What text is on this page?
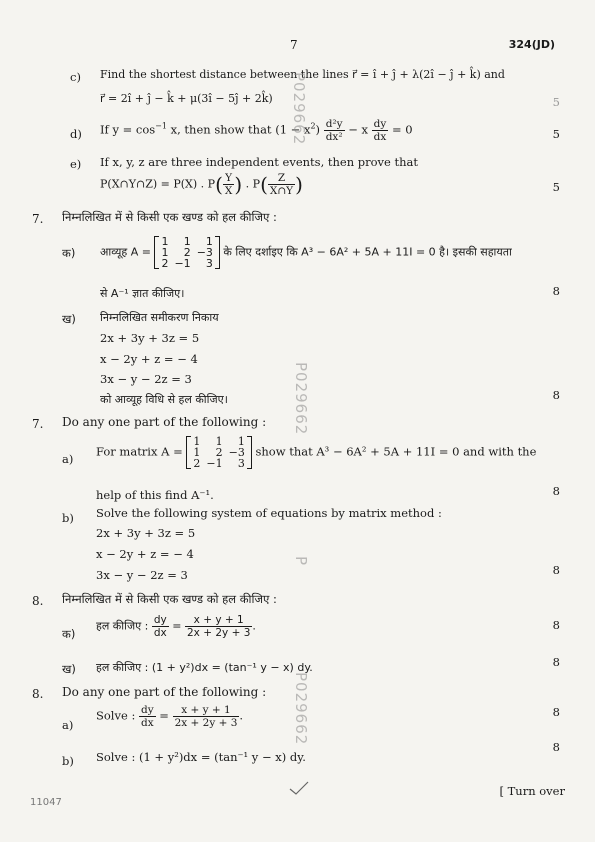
7	324(JD)
c) Find the shortest distance between the lines r⃗ = î + ĵ + λ(2î − ĵ + k̂) and
r⃗ = 2î + ĵ − k̂ + μ(3î − 5ĵ + 2k̂)	5
d) If $y = \cos^{-1} x$, then show that $(1 - x^2) \frac{\text{d²y}}{\text{dx²}} - x \frac{dy}{dx} = 0$	5
e) If x, y, z are three independent events, then prove that
P(X∩Y∩Z) = P(X) . $P( \frac{Y}{X}$ ) . $P( \frac{Z}{X\cap Y}$ )	5
7. निम्नलिखित में से किसी एक खण्ड को हल कीजिए :
क) आव्यूह A =
1	1	1
1	2	−3
2	−1	3
के लिए दर्शाइए कि A³ − 6A² + 5A + 11I = 0 है। इसकी सहायता
से A⁻¹ ज्ञात कीजिए।	8
ख) निम्नलिखित समीकरण निकाय
2x + 3y + 3z = 5
x − 2y + z = − 4
3x − y − 2z = 3
को आव्यूह विधि से हल कीजिए।	8
7. Do any one part of the following :
a)
For matrix A =
1	1	1
1	2	−3
2	−1	3
show that A³ − 6A² + 5A + 11I = 0 and with the
help of this find A⁻¹.	8
b) Solve the following system of equations by matrix method :
2x + 3y + 3z = 5
x − 2y + z = − 4
3x − y − 2z = 3	8
8. निम्नलिखित में से किसी एक खण्ड को हल कीजिए :
क)
हल कीजिए : $\frac{dy}{dx} = \frac{x + y + 1}{2x + 2y + 3}$ .	8
ख) हल कीजिए : (1 + y²)dx = (tan⁻¹ y − x) dy.	8
8. Do any one part of the following :
a)
Solve : $\frac{dy}{dx} = \frac{x + y + 1}{2x + 2y + 3}$ .	8
b) Solve : (1 + y²)dx = (tan⁻¹ y − x) dy.
8
11047
[ Turn over
P029662
P029662
P029662
P
